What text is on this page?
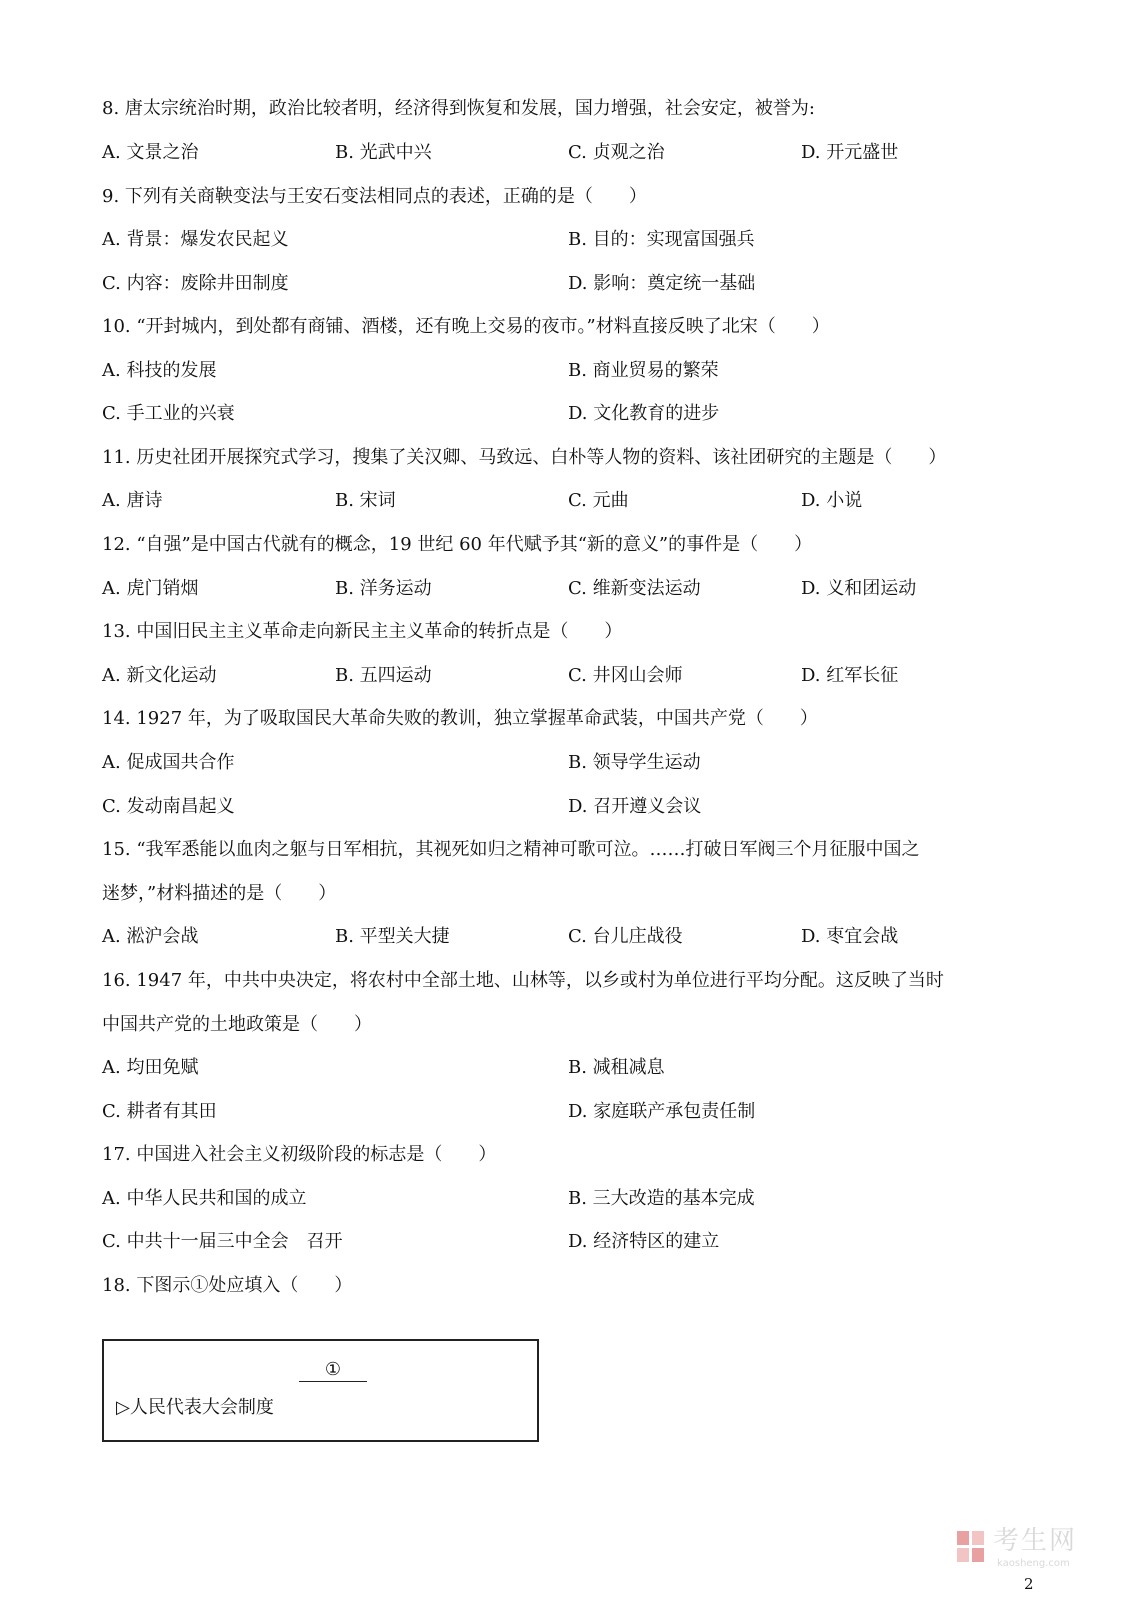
8. 唐太宗统治时期，政治比较者明，经济得到恢复和发展，国力增强，社会安定，被誉为:
A. 文景之治	B. 光武中兴	C. 贞观之治	D. 开元盛世
9. 下列有关商鞅变法与王安石变法相同点的表述，正确的是（　　）
A. 背景：爆发农民起义	B. 目的：实现富国强兵
C. 内容：废除井田制度	D. 影响：奠定统一基础
10. “开封城内，到处都有商铺、酒楼，还有晚上交易的夜市。”材料直接反映了北宋（　　）
A. 科技的发展	B. 商业贸易的繁荣
C. 手工业的兴衰	D. 文化教育的进步
11. 历史社团开展探究式学习，搜集了关汉卿、马致远、白朴等人物的资料、该社团研究的主题是（　　）
A. 唐诗	B. 宋词	C. 元曲	D. 小说
12. “自强”是中国古代就有的概念，19 世纪 60 年代赋予其“新的意义”的事件是（　　）
A. 虎门销烟	B. 洋务运动	C. 维新变法运动	D. 义和团运动
13. 中国旧民主主义革命走向新民主主义革命的转折点是（　　）
A. 新文化运动	B. 五四运动	C. 井冈山会师	D. 红军长征
14. 1927 年，为了吸取国民大革命失败的教训，独立掌握革命武装，中国共产党（　　）
A. 促成国共合作	B. 领导学生运动
C. 发动南昌起义	D. 召开遵义会议
15. “我军悉能以血肉之躯与日军相抗，其视死如归之精神可歌可泣。……打破日军阀三个月征服中国之
迷梦，”材料描述的是（　　）
A. 淞沪会战	B. 平型关大捷	C. 台儿庄战役	D. 枣宜会战
16. 1947 年，中共中央决定，将农村中全部土地、山林等，以乡或村为单位进行平均分配。这反映了当时
中国共产党的土地政策是（　　）
A. 均田免赋	B. 减租减息
C. 耕者有其田	D. 家庭联产承包责任制
17. 中国进入社会主义初级阶段的标志是（　　）
A. 中华人民共和国的成立	B. 三大改造的基本完成
C. 中共十一届三中全会　召开	D. 经济特区的建立
18. 下图示①处应填入（　　）
①
▷人民代表大会制度
考生网
kaosheng.com
2
